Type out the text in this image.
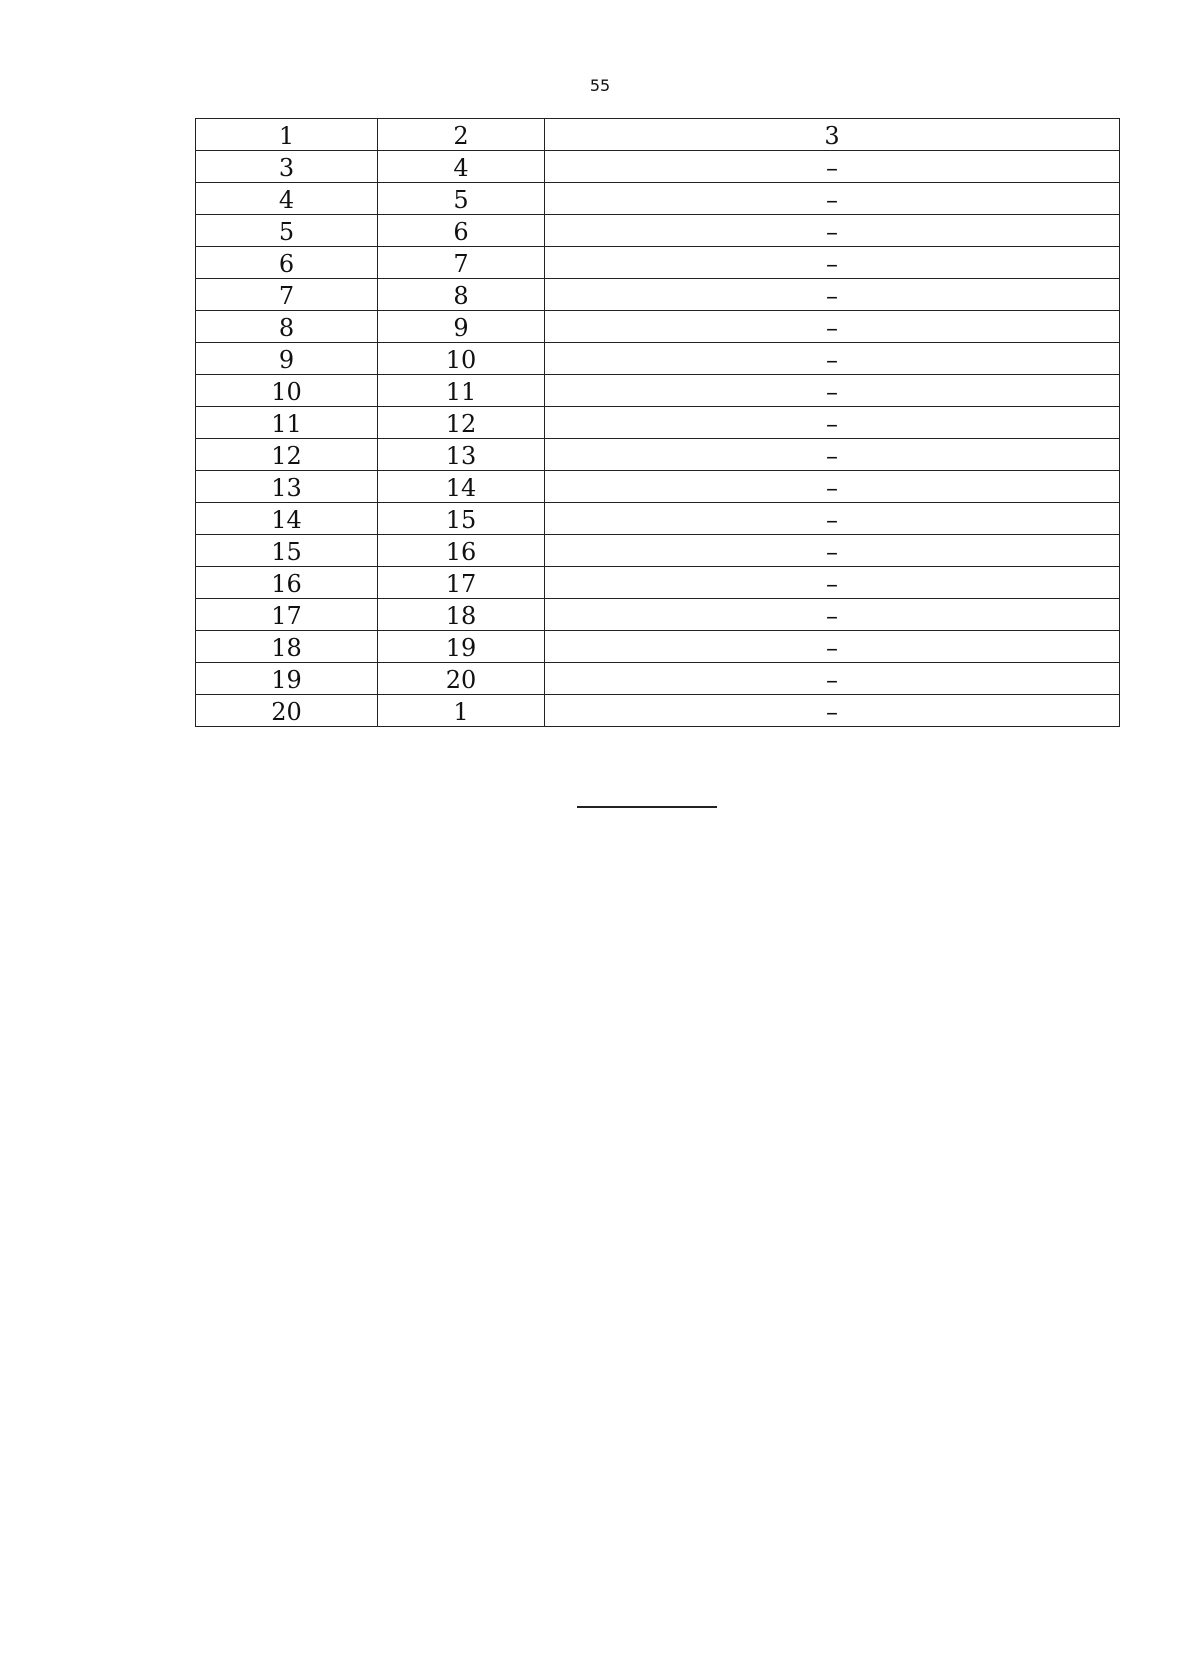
55
1	2	3
3	4	–
4	5	–
5	6	–
6	7	–
7	8	–
8	9	–
9	10	–
10	11	–
11	12	–
12	13	–
13	14	–
14	15	–
15	16	–
16	17	–
17	18	–
18	19	–
19	20	–
20	1	–
